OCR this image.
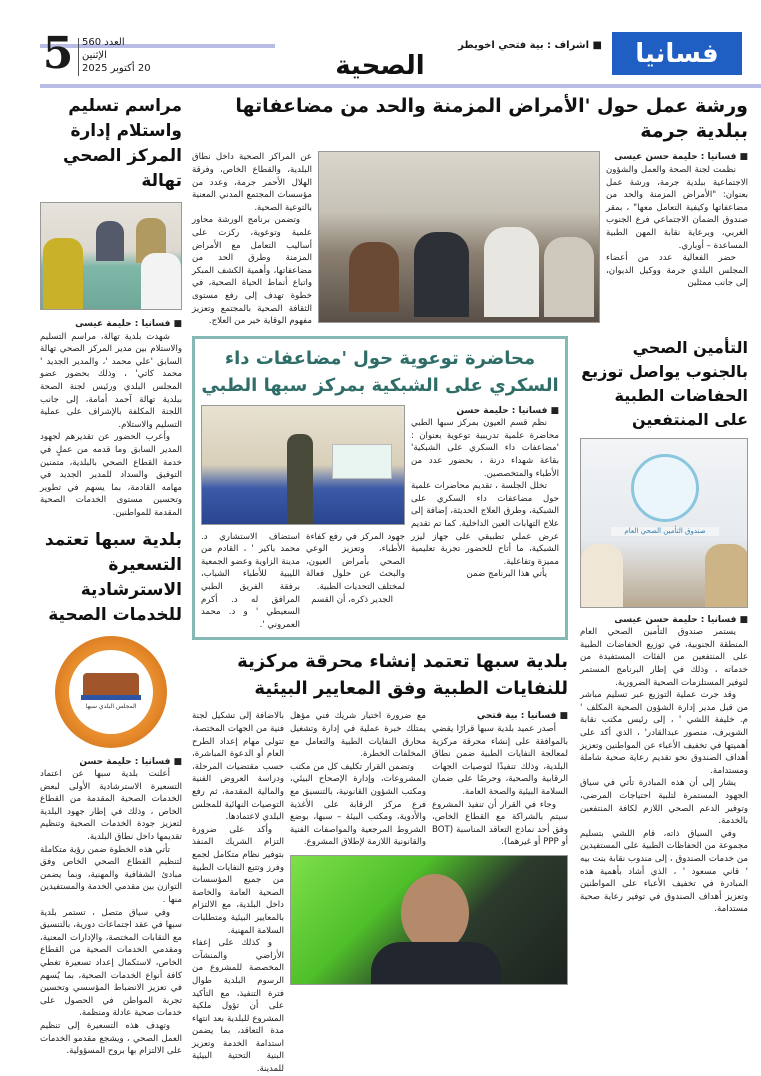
فسانيا
■ اشراف : بية فتحي اخويطر
الصحية
5 العدد 560
الإثنين
20 أكتوبر 2025
ورشة عمل حول 'الأمراض المزمنة والحد من مضاعفاتها ببلدية جرمة

■ فسانيا : حليمة حسن عيسى

نظمت لجنة الصحة والعمل والشؤون الاجتماعية ببلدية جرمة، ورشة عمل بعنوان: "الأمراض المزمنة والحد من مضاعفاتها وكيفية التعامل معها" ، بمقر صندوق الضمان الاجتماعي فرع الجنوب الغربي، وبرعاية نقابة المهن الطبية المساعدة – أوباري.

حضر الفعالية عدد من أعضاء المجلس البلدي جرمة ووكيل الديوان، إلى جانب ممثلين

عن المراكز الصحية داخل نطاق البلدية، والقطاع الخاص، وفرقة الهلال الأحمر جرمة، وعدد من مؤسسات المجتمع المدني المعنية بالتوعية الصحية.

وتضمن برنامج الورشة محاور علمية وتوعوية، ركزت على أساليب التعامل مع الأمراض المزمنة وطرق الحد من مضاعفاتها، وأهمية الكشف المبكر واتباع أنماط الحياة الصحية، في خطوة تهدف إلى رفع مستوى الثقافة الصحية بالمجتمع وتعزيز مفهوم الوقاية خير من العلاج.

التأمين الصحي بالجنوب يواصل توزيع الحفاضات الطبية على المنتفعين
صندوق التأمين الصحي العام

■ فسانيا : حليمة حسن عيسى

يستمر صندوق التأمين الصحي العام المنطقة الجنوبية، في توزيع الحفاضات الطبية على المنتفعين من الفئات المستفيدة من خدماته ، وذلك في إطار البرنامج المستمر لتوفير المستلزمات الصحية الضرورية.

وقد جرت عملية التوزيع عبر تسليم مباشر من قبل مدير إدارة الشؤون الصحية المكلف ' م. خليفة اللشي ' ، إلى رئيس مكتب نقابة الشويرف، منصور عبدالقادر' ، الذي أكد على أهميتها في تخفيف الأعباء عن المواطنين وتعزيز أهداف الصندوق نحو تقديم رعاية صحية شاملة ومستدامة.

يشار إلى أن هذه المبادرة تأتي في سياق الجهود المستمرة لتلبية احتياجات المرضى، وتوفير الدعم الصحي اللازم لكافة المنتفعين بالخدمة.

وفي السياق ذاته، قام اللشي بتسليم مجموعة من الحفاظات الطبية على المستفيدين من خدمات الصندوق ، إلى مندوب نقابة بنت بيه ' قاني مسعود ' ، الذي أشاد بأهمية هذه المبادرة في تخفيف الأعباء على المواطنين وتعزيز أهداف الصندوق في توفير رعاية صحية مستدامة.

محاضرة توعوية حول 'مضاعفات داء السكري على الشبكية بمركز سبها الطبي

■ فسانيا : حليمة حسن

نظم قسم العيون بمركز سبها الطبي محاضرة علمية تدريبية توعوية بعنوان : 'مضاعفات داء السكري على الشبكية' بقاعة شهداء درنة ، بحضور عدد من الأطباء والمتخصصين.

تخلل الجلسة ، تقديم محاضرات علمية حول مضاعفات داء السكري على الشبكية، وطرق العلاج الحديثة، إضافة إلى علاج التهابات العين الداخلية. كما تم تقديم عرض عملي تطبيقي على جهاز ليزر الشبكية، ما أتاح للحضور تجربة تعليمية مميزة وتفاعلية.

يأتي هذا البرنامج ضمن

جهود المركز في رفع كفاءة الأطباء، وتعزيز الوعي الصحي بأمراض العيون، والبحث عن حلول فعالة لمختلف التحديات الطبية.

الجدير ذكره، أن القسم

استضاف الاستشاري د. محمد باكير ' ، القادم من مدينة الزاوية وعضو الجمعية الليبية للأطباء الشباب، برفقة الفريق الطبي المرافق له د. أكرم السعيطي ' و د. محمد العمروني '.

بلدية سبها تعتمد إنشاء محرقة مركزية للنفايات الطبية وفق المعايير البيئية

■ فسانيا : بية فتحي

أصدر عميد بلدية سبها قرارًا يقضي بالموافقة على إنشاء محرقة مركزية لمعالجة النفايات الطبية ضمن نطاق البلدية، وذلك تنفيذًا لتوصيات الجهات الرقابية والصحية، وحرصًا على ضمان السلامة البيئية والصحة العامة.

وجاء في القرار أن تنفيذ المشروع سيتم بالشراكة مع القطاع الخاص، وفق أحد نماذج التعاقد المناسبة (BOT أو PPP أو غيرهما).

مع ضرورة اختيار شريك فني مؤهل يمتلك خبرة عملية في إدارة وتشغيل محارق النفايات الطبية والتعامل مع المخلفات الخطرة.

وتضمن القرار تكليف كل من مكتب المشروعات، وإدارة الإصحاح البيئي، ومكتب الشؤون القانونية، بالتنسيق مع فرع مركز الرقابة على الأغذية والأدوية، ومكتب البيئة – سبها، بوضع الشروط المرجعية والمواصفات الفنية والقانونية اللازمة لإطلاق المشروع.

بالاضافة إلى تشكيل لجنة فنية من الجهات المختصة، تتولى مهام إعداد الطرح العام أو الدعوة المباشرة، حسب مقتضيات المرحلة، ودراسة العروض الفنية والمالية المقدمة، ثم رفع التوصيات النهائية للمجلس البلدي لاعتمادها.

وأكد على ضرورة التزام الشريك المنفذ بتوفير نظام متكامل لجمع وفرز وتتبع النفايات الطبية من جميع المؤسسات الصحية العامة والخاصة داخل البلدية، مع الالتزام بالمعايير البيئية ومتطلبات السلامة المهنية.

و كذلك على إعفاء الأراضي والمنشآت المخصصة للمشروع من الرسوم البلدية طوال فترة التنفيذ، مع التأكيد على أن تؤول ملكية المشروع للبلدية بعد انتهاء مدة التعاقد، بما يضمن استدامة الخدمة وتعزيز البنية التحتية البيئية للمدينة.

مراسم تسليم واستلام إدارة المركز الصحي تهالة

■ فسانيا : حليمة عيسى

شهدت بلدية تهالة، مراسم التسليم والاستلام بين مدير المركز الصحي تهالة السابق 'علي محمد '، والمدير الجديد ' محمد كاتي' ، وذلك بحضور عضو المجلس البلدي ورئيس لجنة الصحة ببلدية تهالة آحمد أمامة، إلى جانب اللجنة المكلفة بالإشراف على عملية التسليم والاستلام.

وأعرب الحضور عن تقديرهم لجهود المدير السابق وما قدمه من عملٍ في خدمة القطاع الصحي بالبلدية، متمنين التوفيق والسداد للمدير الجديد في مهامه القادمة، بما يسهم في تطوير وتحسين مستوى الخدمات الصحية المقدمة للمواطنين.

بلدية سبها تعتمد التسعيرة الاسترشادية للخدمات الصحية
المجلس البلدي سبها

■ فسانيا : حليمة حسن

أعلنت بلدية سبها عن اعتماد التسعيرة الاسترشادية الأولى لبعض الخدمات الصحية المقدمة من القطاع الخاص ، وذلك في إطار جهود البلدية لتعزيز جودة الخدمات الصحية وتنظيم تقديمها داخل نطاق البلدية.

تأتي هذه الخطوة ضمن رؤية متكاملة لتنظيم القطاع الصحي الخاص وفق مبادئ الشفافية والمهنية، وبما يضمن التوازن بين مقدمي الخدمة والمستفيدين منها .

وفي سياق متصل ، تستمر بلدية سبها في عقد اجتماعات دورية، بالتنسيق مع النقابات المختصة، والإدارات المعنية، ومقدمي الخدمات الصحية من القطاع الخاص، لاستكمال إعداد تسعيرة تغطي كافة أنواع الخدمات الصحية، بما يُسهم في تعزيز الانضباط المؤسسي وتحسين تجربة المواطن في الحصول على خدمات صحية عادلة ومنظمة.

وتهدف هذه التسعيرة إلى تنظيم العمل الصحي ، ويشجع مقدمو الخدمات على الالتزام بها بروح المسؤولية.
